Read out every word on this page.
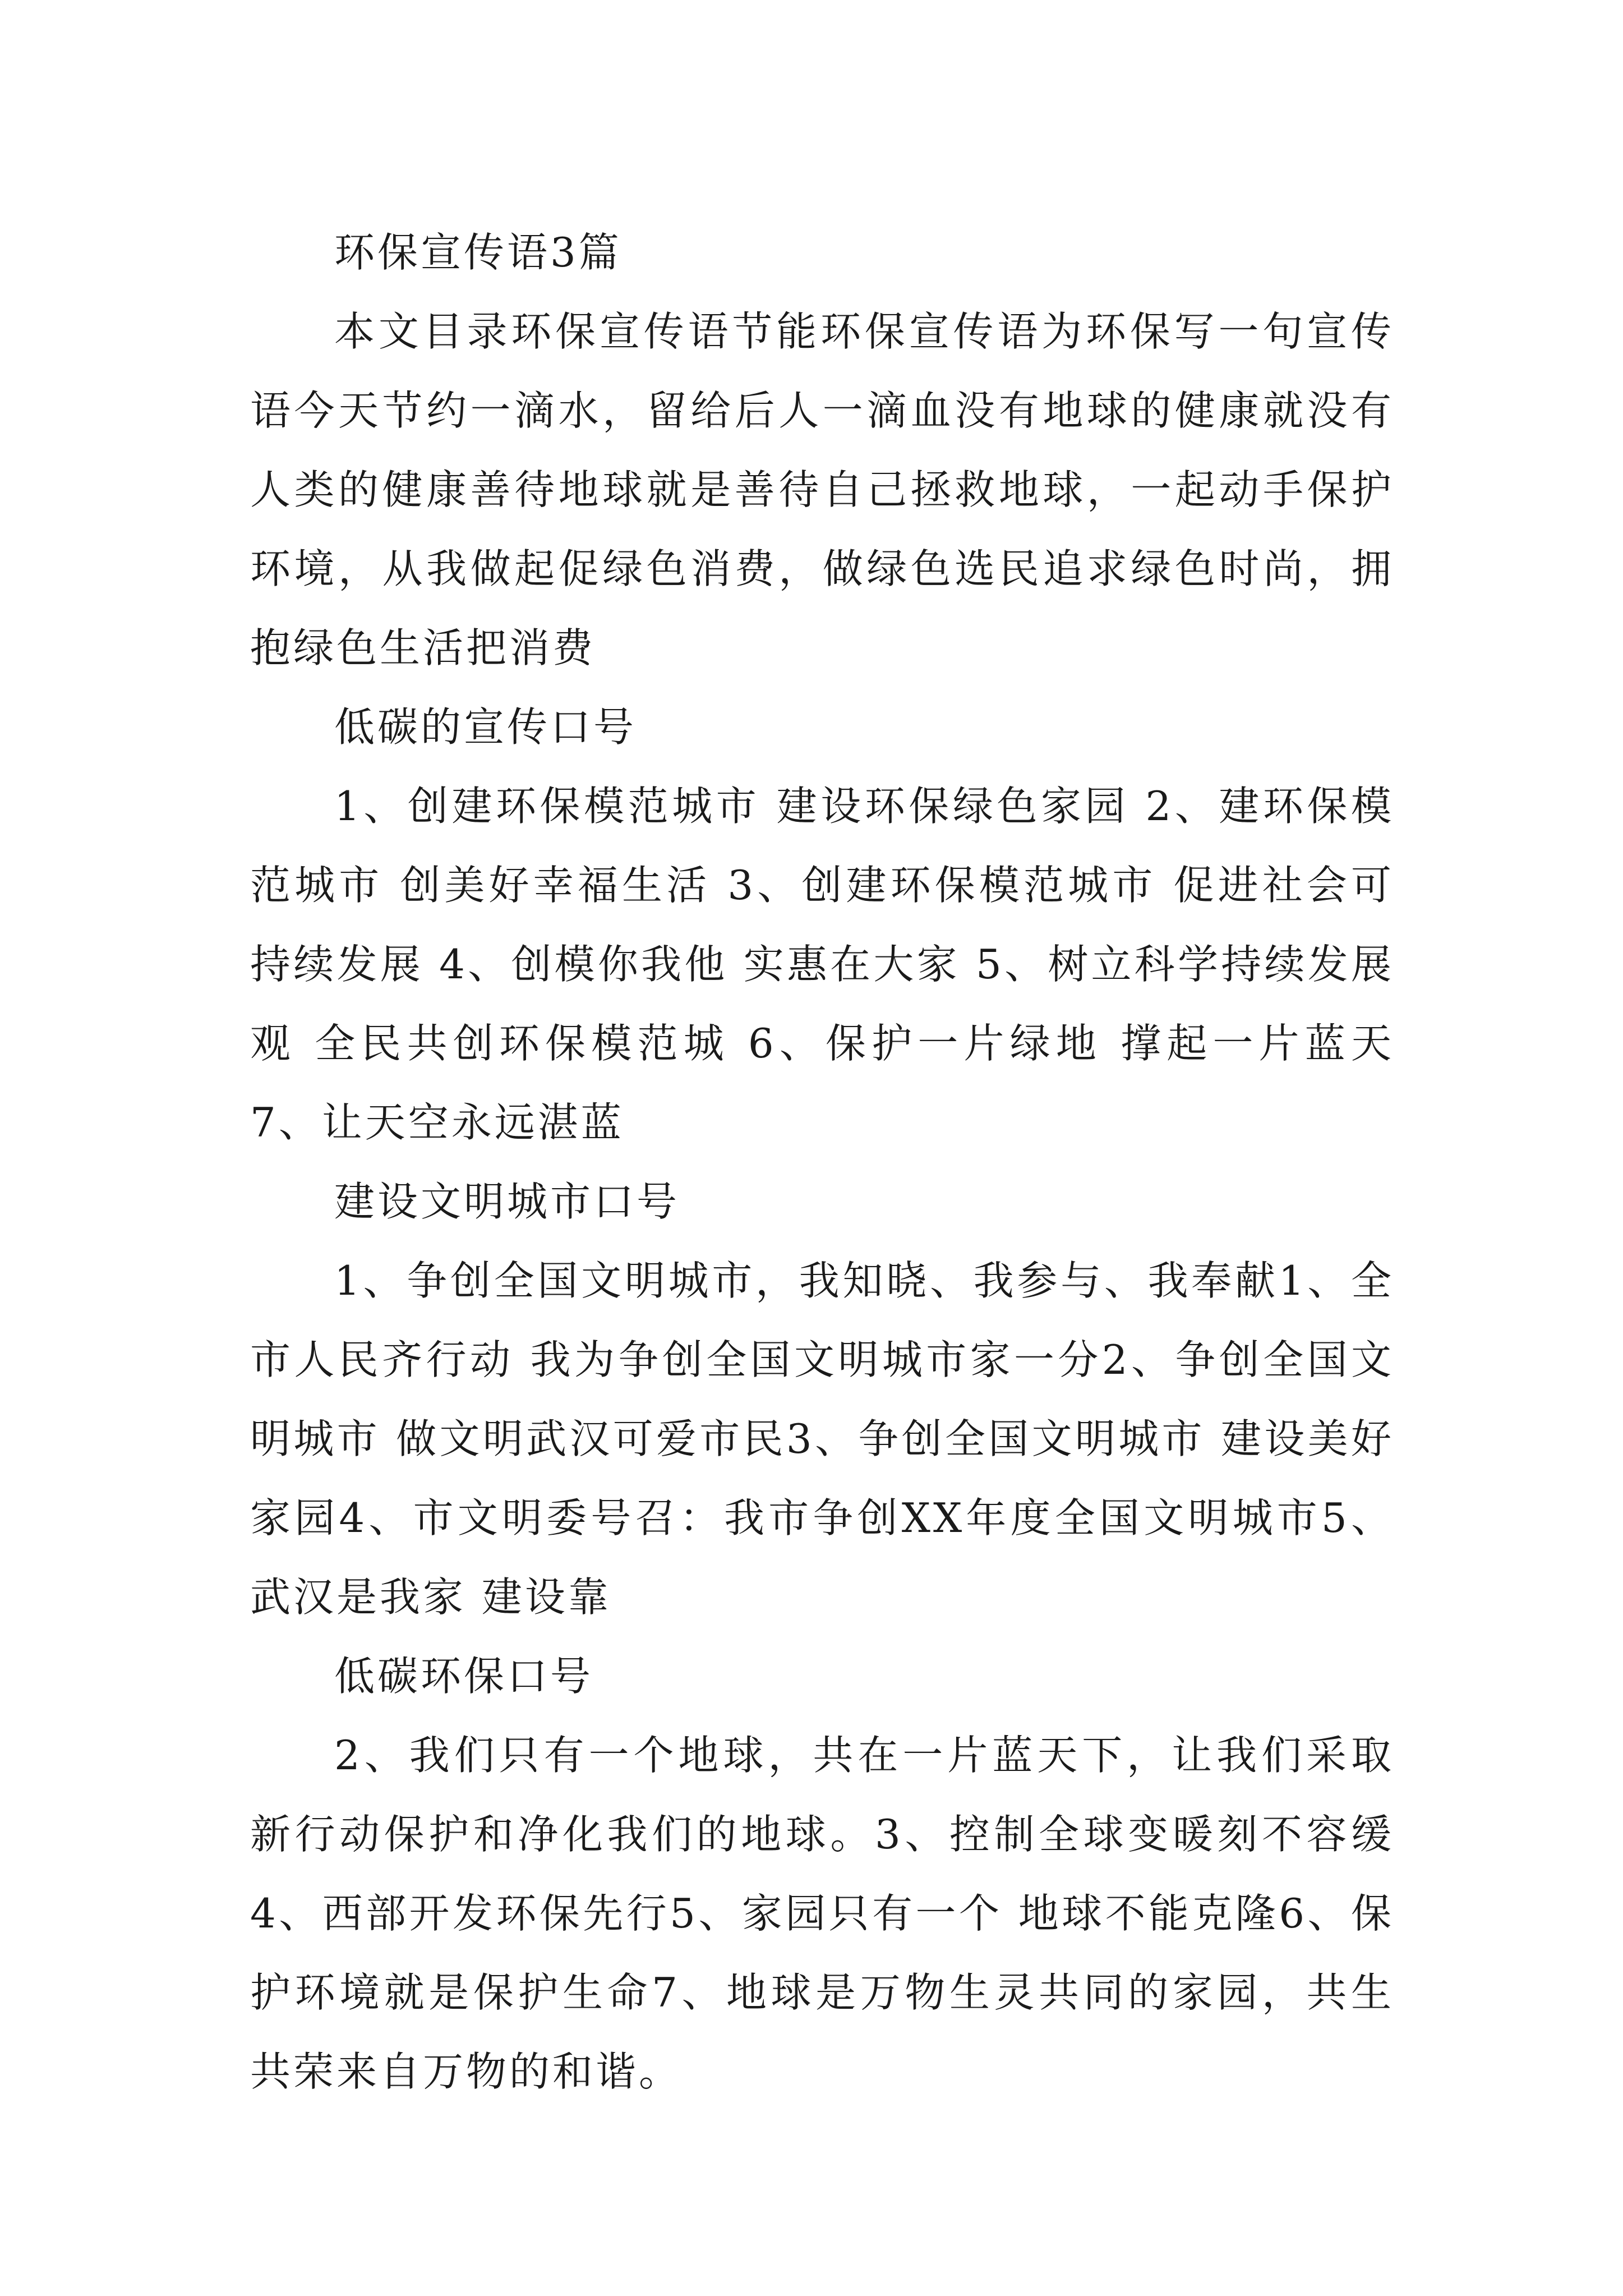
环保宣传语3篇

本文目录环保宣传语节能环保宣传语为环保写一句宣传语今天节约一滴水，留给后人一滴血没有地球的健康就没有人类的健康善待地球就是善待自己拯救地球，一起动手保护环境，从我做起促绿色消费，做绿色选民追求绿色时尚，拥抱绿色生活把消费

低碳的宣传口号

1、创建环保模范城市 建设环保绿色家园 2、建环保模范城市 创美好幸福生活 3、创建环保模范城市 促进社会可持续发展 4、创模你我他 实惠在大家 5、树立科学持续发展观 全民共创环保模范城 6、保护一片绿地 撑起一片蓝天 7、让天空永远湛蓝

建设文明城市口号

1、争创全国文明城市，我知晓、我参与、我奉献1、全市人民齐行动 我为争创全国文明城市家一分2、争创全国文明城市 做文明武汉可爱市民3、争创全国文明城市 建设美好家园4、市文明委号召：我市争创XX年度全国文明城市5、武汉是我家 建设靠

低碳环保口号

2、我们只有一个地球，共在一片蓝天下，让我们采取新行动保护和净化我们的地球。3、控制全球变暖刻不容缓4、西部开发环保先行5、家园只有一个 地球不能克隆6、保护环境就是保护生命7、地球是万物生灵共同的家园，共生共荣来自万物的和谐。
